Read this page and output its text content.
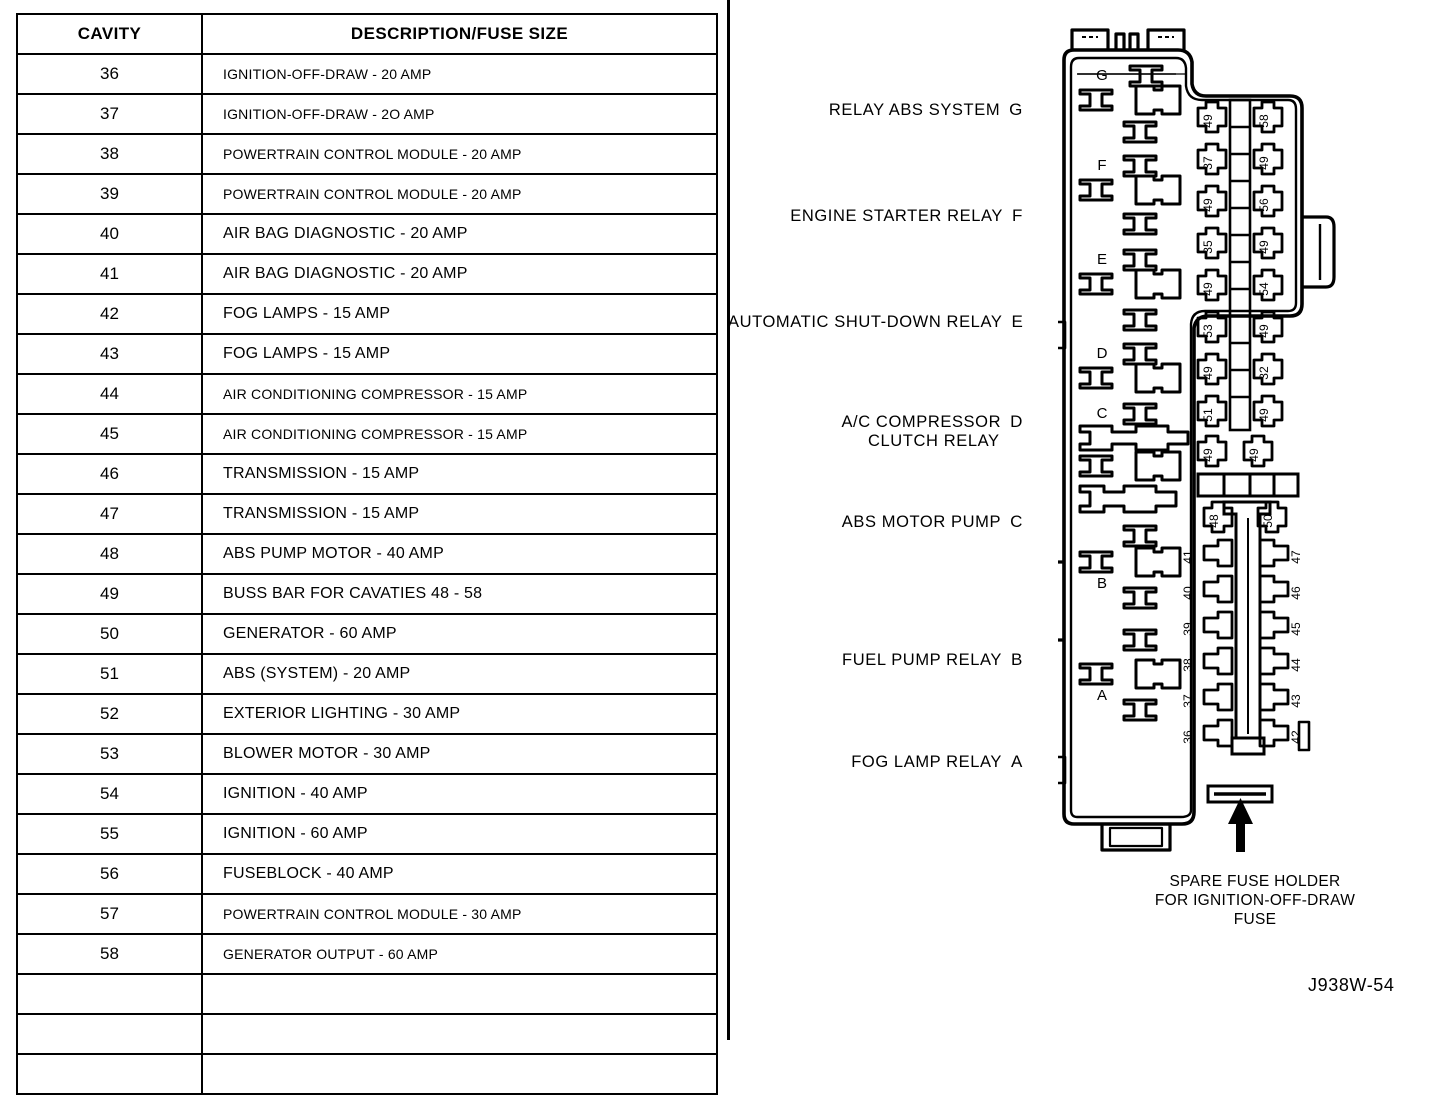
CAVITY	DESCRIPTION/FUSE SIZE
36	IGNITION-OFF-DRAW - 20 AMP
37	IGNITION-OFF-DRAW - 2O AMP
38	POWERTRAIN CONTROL MODULE - 20 AMP
39	POWERTRAIN CONTROL MODULE - 20 AMP
40	AIR BAG DIAGNOSTIC - 20 AMP
41	AIR BAG DIAGNOSTIC - 20 AMP
42	FOG LAMPS - 15 AMP
43	FOG LAMPS - 15 AMP
44	AIR CONDITIONING COMPRESSOR - 15 AMP
45	AIR CONDITIONING COMPRESSOR - 15 AMP
46	TRANSMISSION - 15 AMP
47	TRANSMISSION - 15 AMP
48	ABS PUMP MOTOR - 40 AMP
49	BUSS BAR FOR CAVATIES 48 - 58
50	GENERATOR - 60 AMP
51	ABS (SYSTEM) - 20 AMP
52	EXTERIOR LIGHTING - 30 AMP
53	BLOWER MOTOR - 30 AMP
54	IGNITION - 40 AMP
55	IGNITION - 60 AMP
56	FUSEBLOCK - 40 AMP
57	POWERTRAIN CONTROL MODULE - 30 AMP
58	GENERATOR OUTPUT - 60 AMP

RELAY ABS SYSTEM G
ENGINE STARTER RELAY F
AUTOMATIC SHUT-DOWN RELAY E
A/C COMPRESSOR D
CLUTCH RELAY
ABS MOTOR PUMP C
FUEL PUMP RELAY B
FOG LAMP RELAY A
G
F
E
D
C
B
A
49
37
49
35
49
53
49
51
58
49
56
49
54
49
32
49
49	49
48	50
41
40
39
38
37
36
47
46
45
44
43
42
SPARE FUSE HOLDER
FOR IGNITION-OFF-DRAW
FUSE
J938W-54
